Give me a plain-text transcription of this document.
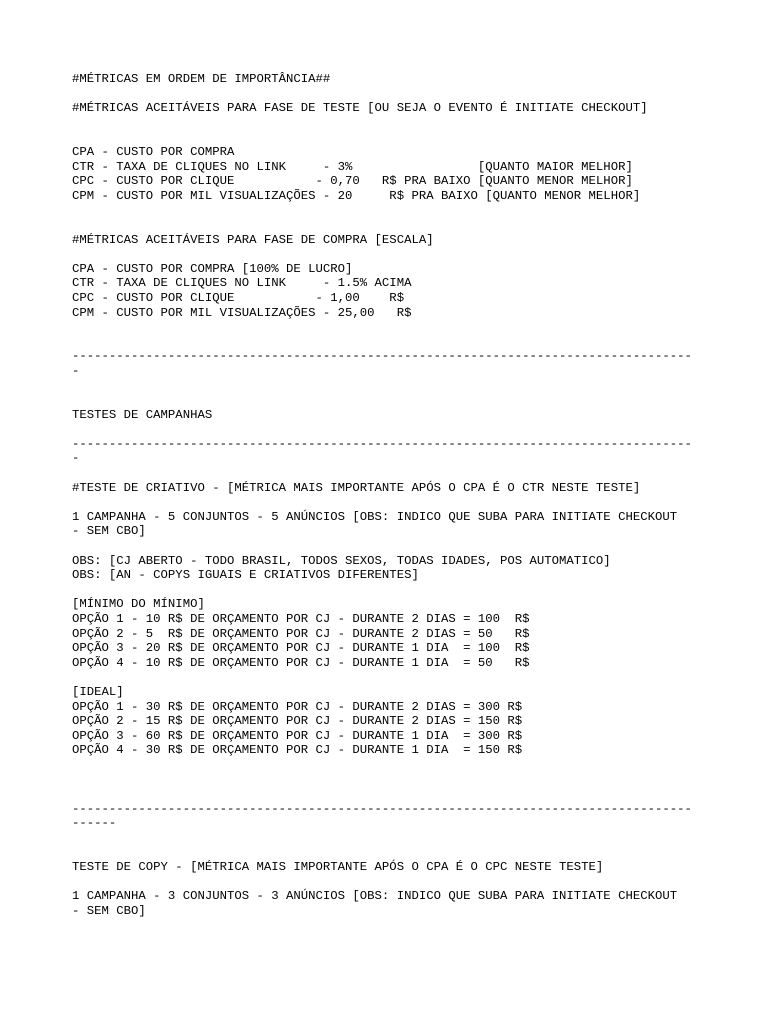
#MÉTRICAS EM ORDEM DE IMPORTÂNCIA##
#MÉTRICAS ACEITÁVEIS PARA FASE DE TESTE [OU SEJA O EVENTO É INITIATE CHECKOUT]
CPA - CUSTO POR COMPRA
CTR - TAXA DE CLIQUES NO LINK     - 3%                 [QUANTO MAIOR MELHOR]
CPC - CUSTO POR CLIQUE           - 0,70   R$ PRA BAIXO [QUANTO MENOR MELHOR]
CPM - CUSTO POR MIL VISUALIZAÇÕES - 20     R$ PRA BAIXO [QUANTO MENOR MELHOR]
#MÉTRICAS ACEITÁVEIS PARA FASE DE COMPRA [ESCALA]
CPA - CUSTO POR COMPRA [100% DE LUCRO]
CTR - TAXA DE CLIQUES NO LINK     - 1.5% ACIMA
CPC - CUSTO POR CLIQUE           - 1,00    R$
CPM - CUSTO POR MIL VISUALIZAÇÕES - 25,00   R$
------------------------------------------------------------------------------------
-
TESTES DE CAMPANHAS
------------------------------------------------------------------------------------
-
#TESTE DE CRIATIVO - [MÉTRICA MAIS IMPORTANTE APÓS O CPA É O CTR NESTE TESTE]
1 CAMPANHA - 5 CONJUNTOS - 5 ANÚNCIOS [OBS: INDICO QUE SUBA PARA INITIATE CHECKOUT
- SEM CBO]
OBS: [CJ ABERTO - TODO BRASIL, TODOS SEXOS, TODAS IDADES, POS AUTOMATICO]
OBS: [AN - COPYS IGUAIS E CRIATIVOS DIFERENTES]
[MÍNIMO DO MÍNIMO]
OPÇÃO 1 - 10 R$ DE ORÇAMENTO POR CJ - DURANTE 2 DIAS = 100  R$
OPÇÃO 2 - 5  R$ DE ORÇAMENTO POR CJ - DURANTE 2 DIAS = 50   R$
OPÇÃO 3 - 20 R$ DE ORÇAMENTO POR CJ - DURANTE 1 DIA  = 100  R$
OPÇÃO 4 - 10 R$ DE ORÇAMENTO POR CJ - DURANTE 1 DIA  = 50   R$
[IDEAL]
OPÇÃO 1 - 30 R$ DE ORÇAMENTO POR CJ - DURANTE 2 DIAS = 300 R$
OPÇÃO 2 - 15 R$ DE ORÇAMENTO POR CJ - DURANTE 2 DIAS = 150 R$
OPÇÃO 3 - 60 R$ DE ORÇAMENTO POR CJ - DURANTE 1 DIA  = 300 R$
OPÇÃO 4 - 30 R$ DE ORÇAMENTO POR CJ - DURANTE 1 DIA  = 150 R$
------------------------------------------------------------------------------------
------
TESTE DE COPY - [MÉTRICA MAIS IMPORTANTE APÓS O CPA É O CPC NESTE TESTE]
1 CAMPANHA - 3 CONJUNTOS - 3 ANÚNCIOS [OBS: INDICO QUE SUBA PARA INITIATE CHECKOUT
- SEM CBO]
